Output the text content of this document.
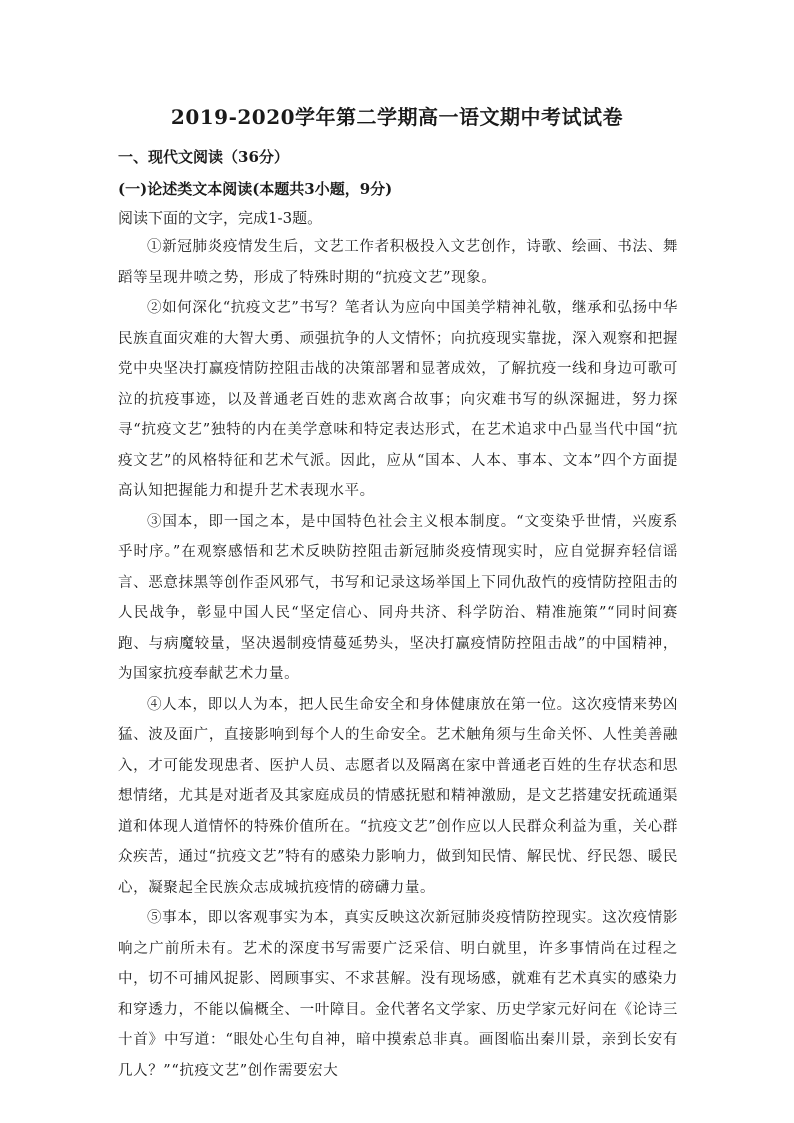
2019-2020学年第二学期高一语文期中考试试卷
一、现代文阅读（36分）
(一)论述类文本阅读(本题共3小题，9分)
阅读下面的文字，完成1-3题。

①新冠肺炎疫情发生后，文艺工作者积极投入文艺创作，诗歌、绘画、书法、舞蹈等呈现井喷之势，形成了特殊时期的“抗疫文艺”现象。

②如何深化“抗疫文艺”书写？笔者认为应向中国美学精神礼敬，继承和弘扬中华民族直面灾难的大智大勇、顽强抗争的人文情怀；向抗疫现实靠拢，深入观察和把握党中央坚决打赢疫情防控阻击战的决策部署和显著成效，了解抗疫一线和身边可歌可泣的抗疫事迹，以及普通老百姓的悲欢离合故事；向灾难书写的纵深掘进，努力探寻“抗疫文艺”独特的内在美学意味和特定表达形式，在艺术追求中凸显当代中国“抗疫文艺”的风格特征和艺术气派。因此，应从“国本、人本、事本、文本”四个方面提高认知把握能力和提升艺术表现水平。

③国本，即一国之本，是中国特色社会主义根本制度。“文变染乎世情，兴废系乎时序。”在观察感悟和艺术反映防控阻击新冠肺炎疫情现实时，应自觉摒弃轻信谣言、恶意抹黑等创作歪风邪气，书写和记录这场举国上下同仇敌忾的疫情防控阻击的人民战争，彰显中国人民“坚定信心、同舟共济、科学防治、精准施策”“同时间赛跑、与病魔较量，坚决遏制疫情蔓延势头，坚决打赢疫情防控阻击战”的中国精神，为国家抗疫奉献艺术力量。

④人本，即以人为本，把人民生命安全和身体健康放在第一位。这次疫情来势凶猛、波及面广，直接影响到每个人的生命安全。艺术触角须与生命关怀、人性美善融入，才可能发现患者、医护人员、志愿者以及隔离在家中普通老百姓的生存状态和思想情绪，尤其是对逝者及其家庭成员的情感抚慰和精神激励，是文艺搭建安抚疏通渠道和体现人道情怀的特殊价值所在。“抗疫文艺”创作应以人民群众利益为重，关心群众疾苦，通过“抗疫文艺”特有的感染力影响力，做到知民情、解民忧、纾民怨、暖民心，凝聚起全民族众志成城抗疫情的磅礴力量。

⑤事本，即以客观事实为本，真实反映这次新冠肺炎疫情防控现实。这次疫情影响之广前所未有。艺术的深度书写需要广泛采信、明白就里，许多事情尚在过程之中，切不可捕风捉影、罔顾事实、不求甚解。没有现场感，就难有艺术真实的感染力和穿透力，不能以偏概全、一叶障目。金代著名文学家、历史学家元好问在《论诗三十首》中写道：“眼处心生句自神，暗中摸索总非真。画图临出秦川景，亲到长安有几人？”“抗疫文艺”创作需要宏大
